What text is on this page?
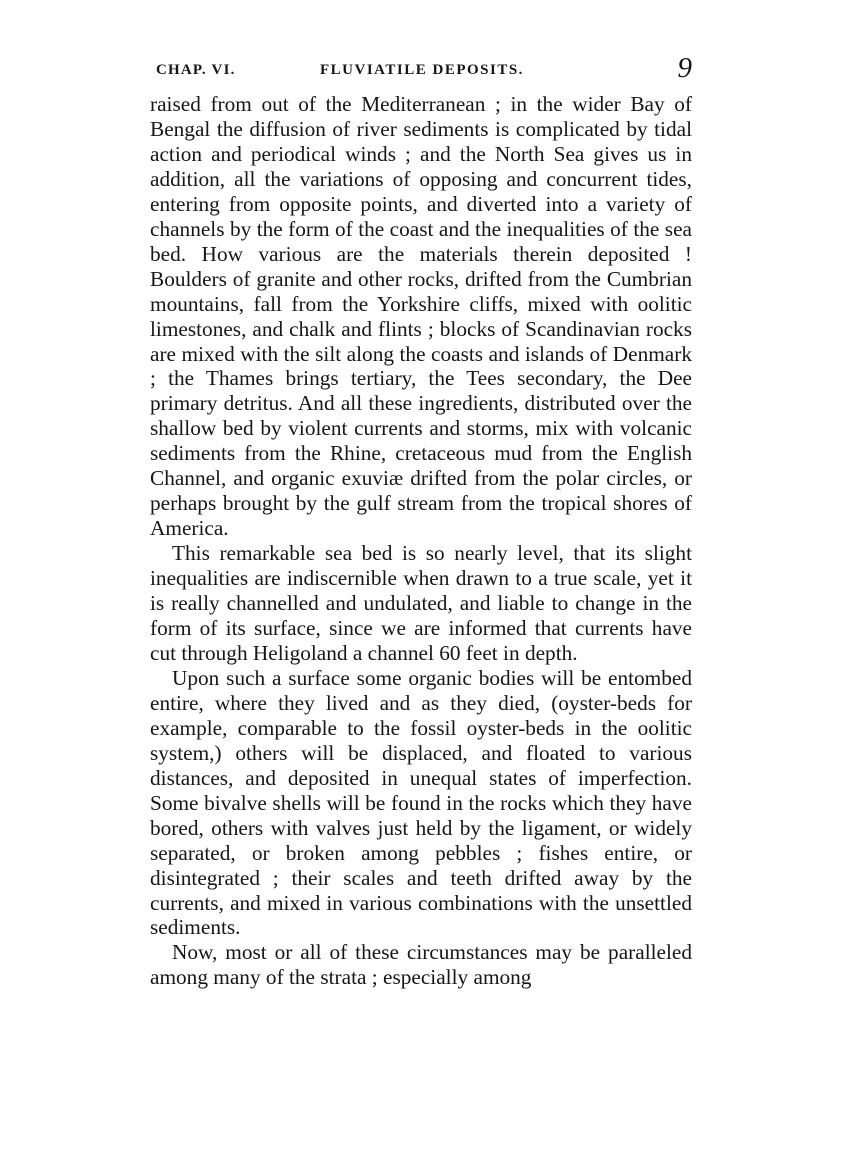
CHAP. VI.	FLUVIATILE DEPOSITS.	9

raised from out of the Mediterranean ; in the wider Bay of Bengal the diffusion of river sediments is complicated by tidal action and periodical winds ; and the North Sea gives us in addition, all the variations of opposing and concurrent tides, entering from opposite points, and diverted into a variety of channels by the form of the coast and the inequalities of the sea bed. How various are the materials therein deposited ! Boulders of granite and other rocks, drifted from the Cumbrian mountains, fall from the Yorkshire cliffs, mixed with oolitic limestones, and chalk and flints ; blocks of Scandinavian rocks are mixed with the silt along the coasts and islands of Denmark ; the Thames brings tertiary, the Tees secondary, the Dee primary detritus. And all these ingredients, distributed over the shallow bed by violent currents and storms, mix with volcanic sediments from the Rhine, cretaceous mud from the English Channel, and organic exuviæ drifted from the polar circles, or perhaps brought by the gulf stream from the tropical shores of America.

This remarkable sea bed is so nearly level, that its slight inequalities are indiscernible when drawn to a true scale, yet it is really channelled and undulated, and liable to change in the form of its surface, since we are informed that currents have cut through Heligoland a channel 60 feet in depth.

Upon such a surface some organic bodies will be entombed entire, where they lived and as they died, (oyster-beds for example, comparable to the fossil oyster-beds in the oolitic system,) others will be displaced, and floated to various distances, and deposited in unequal states of imperfection. Some bivalve shells will be found in the rocks which they have bored, others with valves just held by the ligament, or widely separated, or broken among pebbles ; fishes entire, or disintegrated ; their scales and teeth drifted away by the currents, and mixed in various combinations with the unsettled sediments.

Now, most or all of these circumstances may be paralleled among many of the strata ; especially among
